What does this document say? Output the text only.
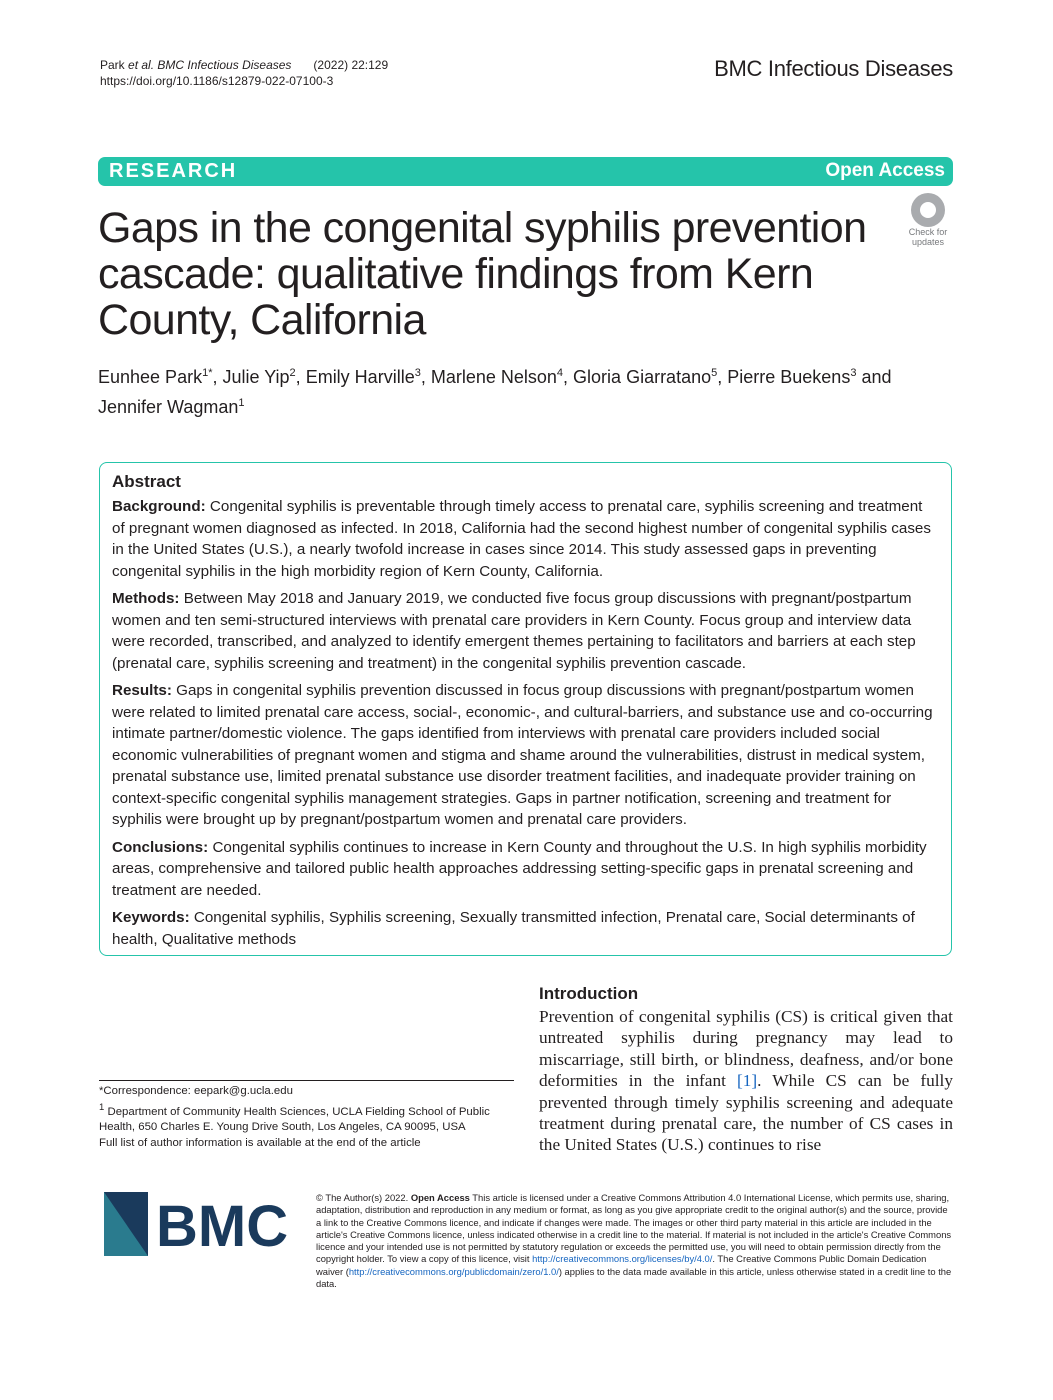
Park et al. BMC Infectious Diseases (2022) 22:129
https://doi.org/10.1186/s12879-022-07100-3	BMC Infectious Diseases
RESEARCH	Open Access
Gaps in the congenital syphilis prevention cascade: qualitative findings from Kern County, California
Check for
updates
Eunhee Park$^{1*}$, Julie Yip$^2$, Emily Harville$^3$, Marlene Nelson$^4$, Gloria Giarratano$^5$, Pierre Buekens$^3$ and Jennifer Wagman$^1$
Abstract

Background: Congenital syphilis is preventable through timely access to prenatal care, syphilis screening and treatment of pregnant women diagnosed as infected. In 2018, California had the second highest number of congenital syphilis cases in the United States (U.S.), a nearly twofold increase in cases since 2014. This study assessed gaps in preventing congenital syphilis in the high morbidity region of Kern County, California.

Methods: Between May 2018 and January 2019, we conducted five focus group discussions with pregnant/postpartum women and ten semi-structured interviews with prenatal care providers in Kern County. Focus group and interview data were recorded, transcribed, and analyzed to identify emergent themes pertaining to facilitators and barriers at each step (prenatal care, syphilis screening and treatment) in the congenital syphilis prevention cascade.

Results: Gaps in congenital syphilis prevention discussed in focus group discussions with pregnant/postpartum women were related to limited prenatal care access, social-, economic-, and cultural-barriers, and substance use and co-occurring intimate partner/domestic violence. The gaps identified from interviews with prenatal care providers included social economic vulnerabilities of pregnant women and stigma and shame around the vulnerabilities, distrust in medical system, prenatal substance use, limited prenatal substance use disorder treatment facilities, and inadequate provider training on context-specific congenital syphilis management strategies. Gaps in partner notification, screening and treatment for syphilis were brought up by pregnant/postpartum women and prenatal care providers.

Conclusions: Congenital syphilis continues to increase in Kern County and throughout the U.S. In high syphilis morbidity areas, comprehensive and tailored public health approaches addressing setting-specific gaps in prenatal screening and treatment are needed.

Keywords: Congenital syphilis, Syphilis screening, Sexually transmitted infection, Prenatal care, Social determinants of health, Qualitative methods

*Correspondence: eepark@g.ucla.edu
$^1$ Department of Community Health Sciences, UCLA Fielding School of Public Health, 650 Charles E. Young Drive South, Los Angeles, CA 90095, USA
Full list of author information is available at the end of the article
Introduction

Prevention of congenital syphilis (CS) is critical given that untreated syphilis during pregnancy may lead to miscarriage, still birth, or blindness, deafness, and/or bone deformities in the infant [1]. While CS can be fully prevented through timely syphilis screening and adequate treatment during prenatal care, the number of CS cases in the United States (U.S.) continues to rise

BMC	© The Author(s) 2022. Open Access This article is licensed under a Creative Commons Attribution 4.0 International License, which permits use, sharing, adaptation, distribution and reproduction in any medium or format, as long as you give appropriate credit to the original author(s) and the source, provide a link to the Creative Commons licence, and indicate if changes were made. The images or other third party material in this article are included in the article's Creative Commons licence, unless indicated otherwise in a credit line to the material. If material is not included in the article's Creative Commons licence and your intended use is not permitted by statutory regulation or exceeds the permitted use, you will need to obtain permission directly from the copyright holder. To view a copy of this licence, visit http://creativecommons.org/licenses/by/4.0/. The Creative Commons Public Domain Dedication waiver (http://creativecommons.org/publicdomain/zero/1.0/) applies to the data made available in this article, unless otherwise stated in a credit line to the data.
